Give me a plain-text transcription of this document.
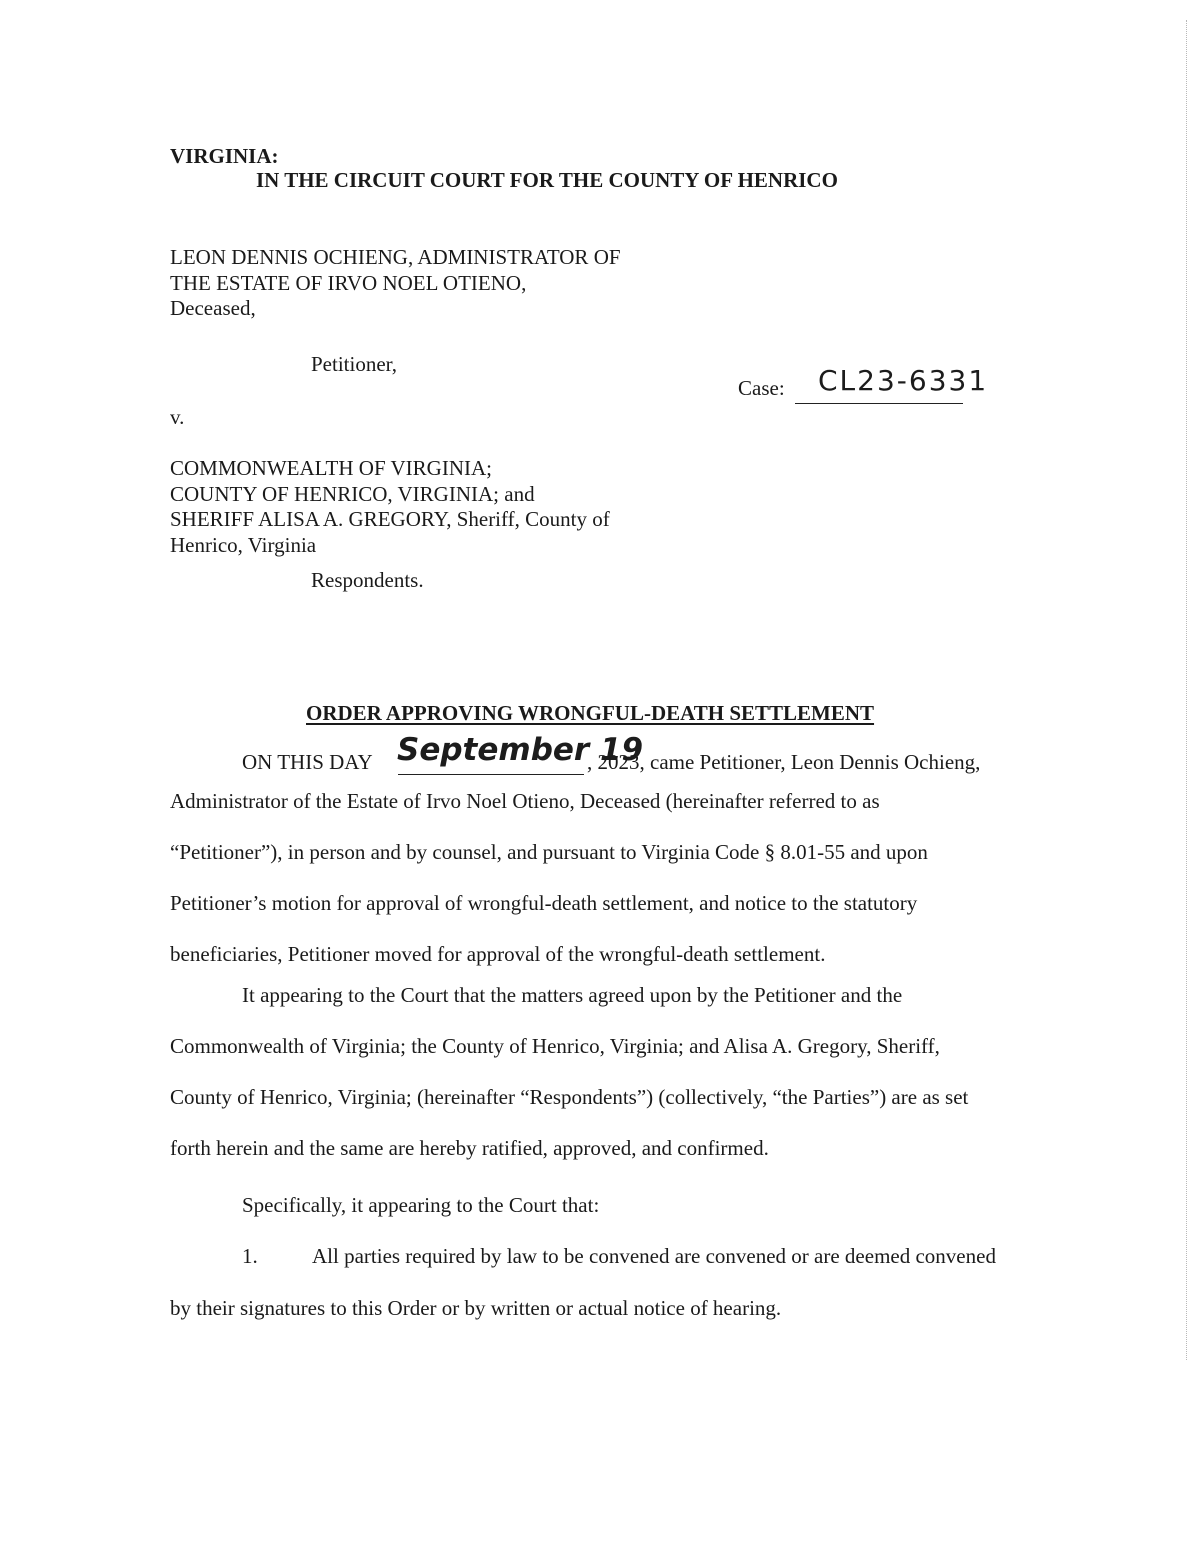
VIRGINIA:
IN THE CIRCUIT COURT FOR THE COUNTY OF HENRICO
LEON DENNIS OCHIENG, ADMINISTRATOR OF
THE ESTATE OF IRVO NOEL OTIENO,
Deceased,
Petitioner,
Case: CL23-6331
v.
COMMONWEALTH OF VIRGINIA;
COUNTY OF HENRICO, VIRGINIA; and
SHERIFF ALISA A. GREGORY, Sheriff, County of
Henrico, Virginia
Respondents.
ORDER APPROVING WRONGFUL-DEATH SETTLEMENT
ON THIS DAY September 19
, 2023, came Petitioner, Leon Dennis Ochieng,
Administrator of the Estate of Irvo Noel Otieno, Deceased (hereinafter referred to as
“Petitioner”), in person and by counsel, and pursuant to Virginia Code § 8.01-55 and upon
Petitioner’s motion for approval of wrongful-death settlement, and notice to the statutory
beneficiaries, Petitioner moved for approval of the wrongful-death settlement.
It appearing to the Court that the matters agreed upon by the Petitioner and the
Commonwealth of Virginia; the County of Henrico, Virginia; and Alisa A. Gregory, Sheriff,
County of Henrico, Virginia; (hereinafter “Respondents”) (collectively, “the Parties”) are as set
forth herein and the same are hereby ratified, approved, and confirmed.
Specifically, it appearing to the Court that:
1.	All parties required by law to be convened are convened or are deemed convened
by their signatures to this Order or by written or actual notice of hearing.
